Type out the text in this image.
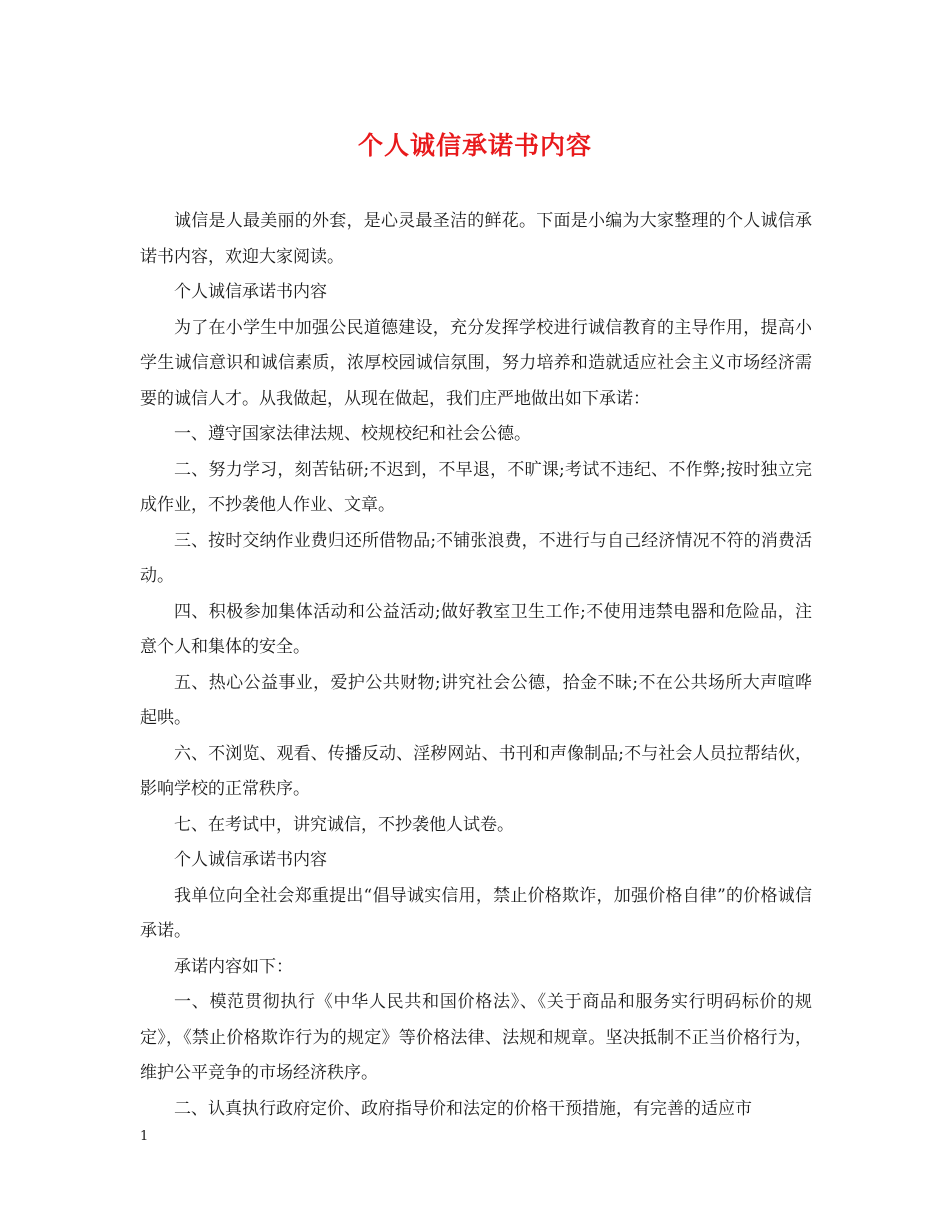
个人诚信承诺书内容

诚信是人最美丽的外套，是心灵最圣洁的鲜花。下面是小编为大家整理的个人诚信承诺书内容，欢迎大家阅读。

个人诚信承诺书内容

为了在小学生中加强公民道德建设，充分发挥学校进行诚信教育的主导作用，提高小学生诚信意识和诚信素质，浓厚校园诚信氛围，努力培养和造就适应社会主义市场经济需要的诚信人才。从我做起，从现在做起，我们庄严地做出如下承诺：

一、遵守国家法律法规、校规校纪和社会公德。

二、努力学习，刻苦钻研;不迟到，不早退，不旷课;考试不违纪、不作弊;按时独立完成作业，不抄袭他人作业、文章。

三、按时交纳作业费归还所借物品;不铺张浪费，不进行与自己经济情况不符的消费活动。

四、积极参加集体活动和公益活动;做好教室卫生工作;不使用违禁电器和危险品，注意个人和集体的安全。

五、热心公益事业，爱护公共财物;讲究社会公德，拾金不昧;不在公共场所大声喧哗起哄。

六、不浏览、观看、传播反动、淫秽网站、书刊和声像制品;不与社会人员拉帮结伙，影响学校的正常秩序。

七、在考试中，讲究诚信，不抄袭他人试卷。

个人诚信承诺书内容

我单位向全社会郑重提出“倡导诚实信用，禁止价格欺诈，加强价格自律”的价格诚信承诺。

承诺内容如下：

一、模范贯彻执行《中华人民共和国价格法》、《关于商品和服务实行明码标价的规定》，《禁止价格欺诈行为的规定》等价格法律、法规和规章。坚决抵制不正当价格行为，维护公平竞争的市场经济秩序。

二、认真执行政府定价、政府指导价和法定的价格干预措施，有完善的适应市

1
